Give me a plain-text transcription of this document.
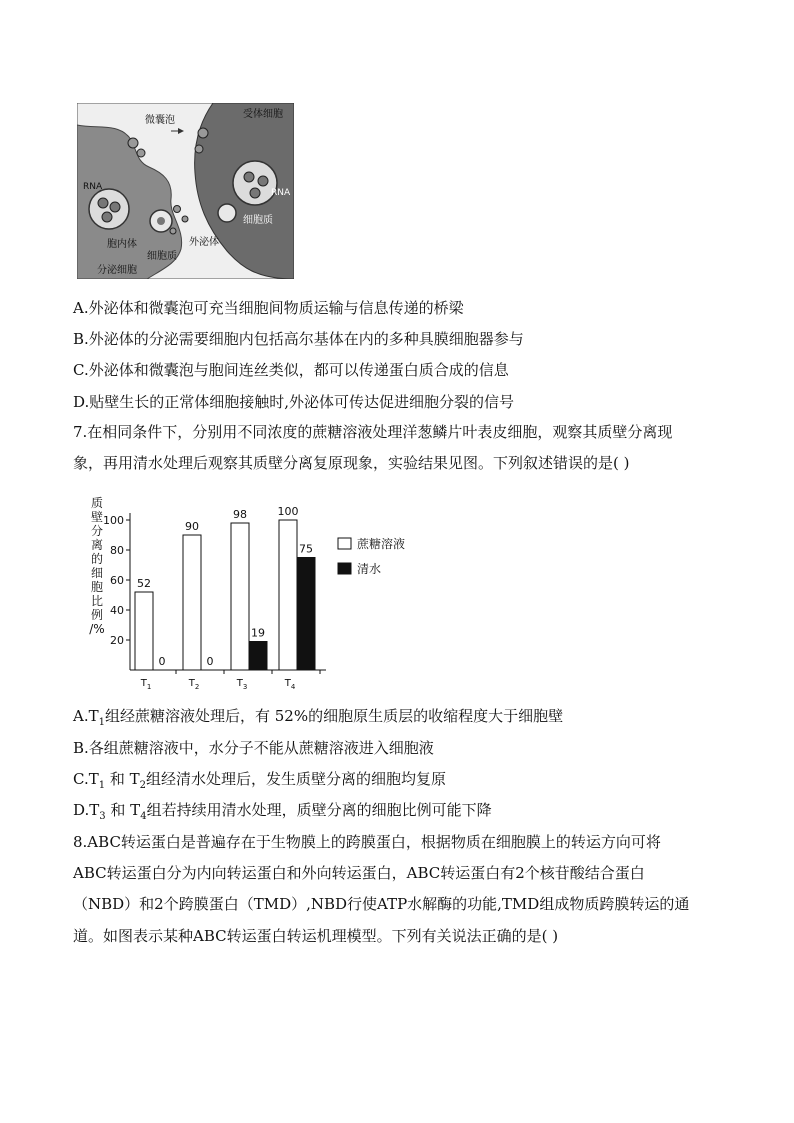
微囊泡
受体细胞
RNA
RNA
胞内体
细胞质
外泌体
细胞质
分泌细胞
A.外泌体和微囊泡可充当细胞间物质运输与信息传递的桥梁
B.外泌体的分泌需要细胞内包括高尔基体在内的多种具膜细胞器参与
C.外泌体和微囊泡与胞间连丝类似，都可以传递蛋白质合成的信息
D.贴壁生长的正常体细胞接触时,外泌体可传达促进细胞分裂的信号
7.在相同条件下，分别用不同浓度的蔗糖溶液处理洋葱鳞片叶表皮细胞，观察其质壁分离现
象，再用清水处理后观察其质壁分离复原现象，实验结果见图。下列叙述错误的是( )
质
壁
分
离
的
细
胞
比
例
/%
20
40
60
80
100
52
0
90
0
98
19
100
75
$T_1$	$T_2$	$T_3$	$T_4$
蔗糖溶液
清水
$A.T_1$组经蔗糖溶液处理后，有 52%的细胞原生质层的收缩程度大于细胞壁
B.各组蔗糖溶液中，水分子不能从蔗糖溶液进入细胞液
$C.T_1$ 和 $T_2$组经清水处理后，发生质壁分离的细胞均复原
$D.T_3$ 和 $T_4$组若持续用清水处理，质壁分离的细胞比例可能下降
8.ABC转运蛋白是普遍存在于生物膜上的跨膜蛋白，根据物质在细胞膜上的转运方向可将
ABC转运蛋白分为内向转运蛋白和外向转运蛋白，ABC转运蛋白有2个核苷酸结合蛋白
（NBD）和2个跨膜蛋白（TMD）,NBD行使ATP水解酶的功能,TMD组成物质跨膜转运的通
道。如图表示某种ABC转运蛋白转运机理模型。下列有关说法正确的是( )
